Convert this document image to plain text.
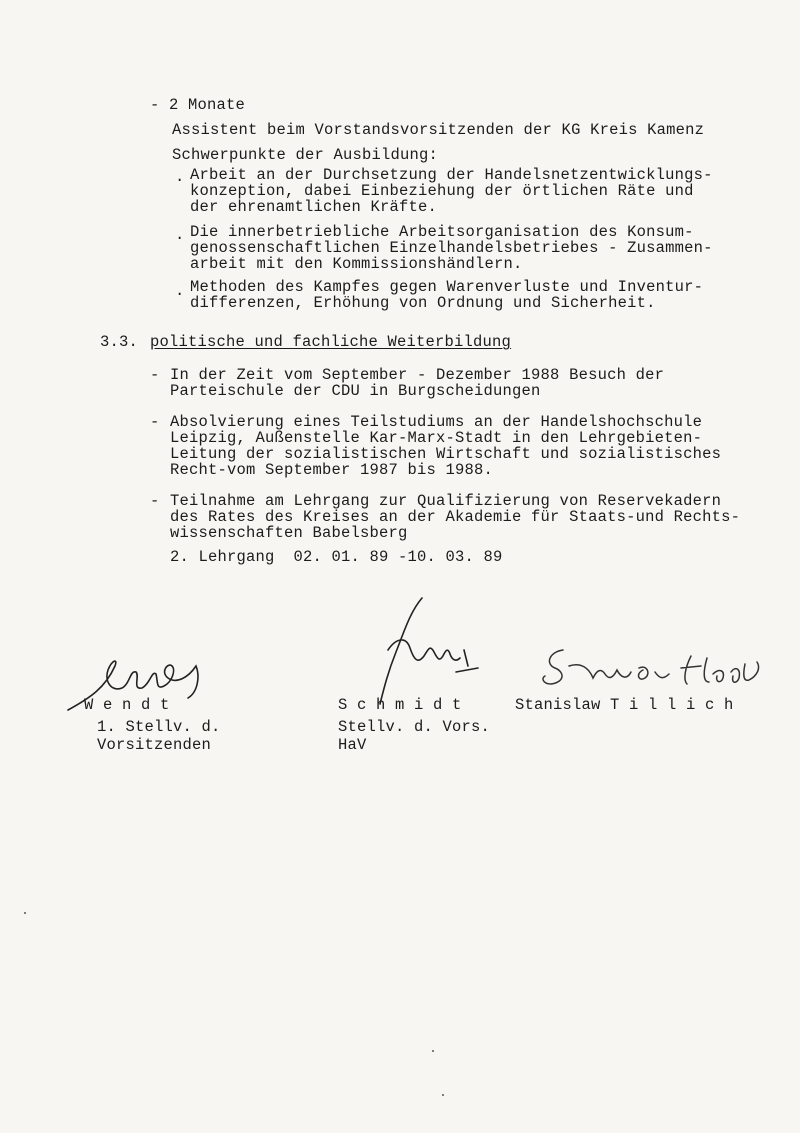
- 2 Monate
Assistent beim Vorstandsvorsitzenden der KG Kreis Kamenz
Schwerpunkte der Ausbildung:
. Arbeit an der Durchsetzung der Handelsnetzentwicklungs-
konzeption, dabei Einbeziehung der örtlichen Räte und
der ehrenamtlichen Kräfte.
. Die innerbetriebliche Arbeitsorganisation des Konsum-
genossenschaftlichen Einzelhandelsbetriebes - Zusammen-
arbeit mit den Kommissionshändlern.
. Methoden des Kampfes gegen Warenverluste und Inventur-
differenzen, Erhöhung von Ordnung und Sicherheit.
3.3. politische und fachliche Weiterbildung
- In der Zeit vom September - Dezember 1988 Besuch der
Parteischule der CDU in Burgscheidungen
- Absolvierung eines Teilstudiums an der Handelshochschule
Leipzig, Außenstelle Kar-Marx-Stadt in den Lehrgebieten-
Leitung der sozialistischen Wirtschaft und sozialistisches
Recht-vom September 1987 bis 1988.
- Teilnahme am Lehrgang zur Qualifizierung von Reservekadern
des Rates des Kreises an der Akademie für Staats-und Rechts-
wissenschaften Babelsberg
2. Lehrgang  02. 01. 89 -10. 03. 89
W e n d t
1. Stellv. d.
Vorsitzenden
S c h m i d t
Stellv. d. Vors.
HaV
Stanislaw T i l l i c h
